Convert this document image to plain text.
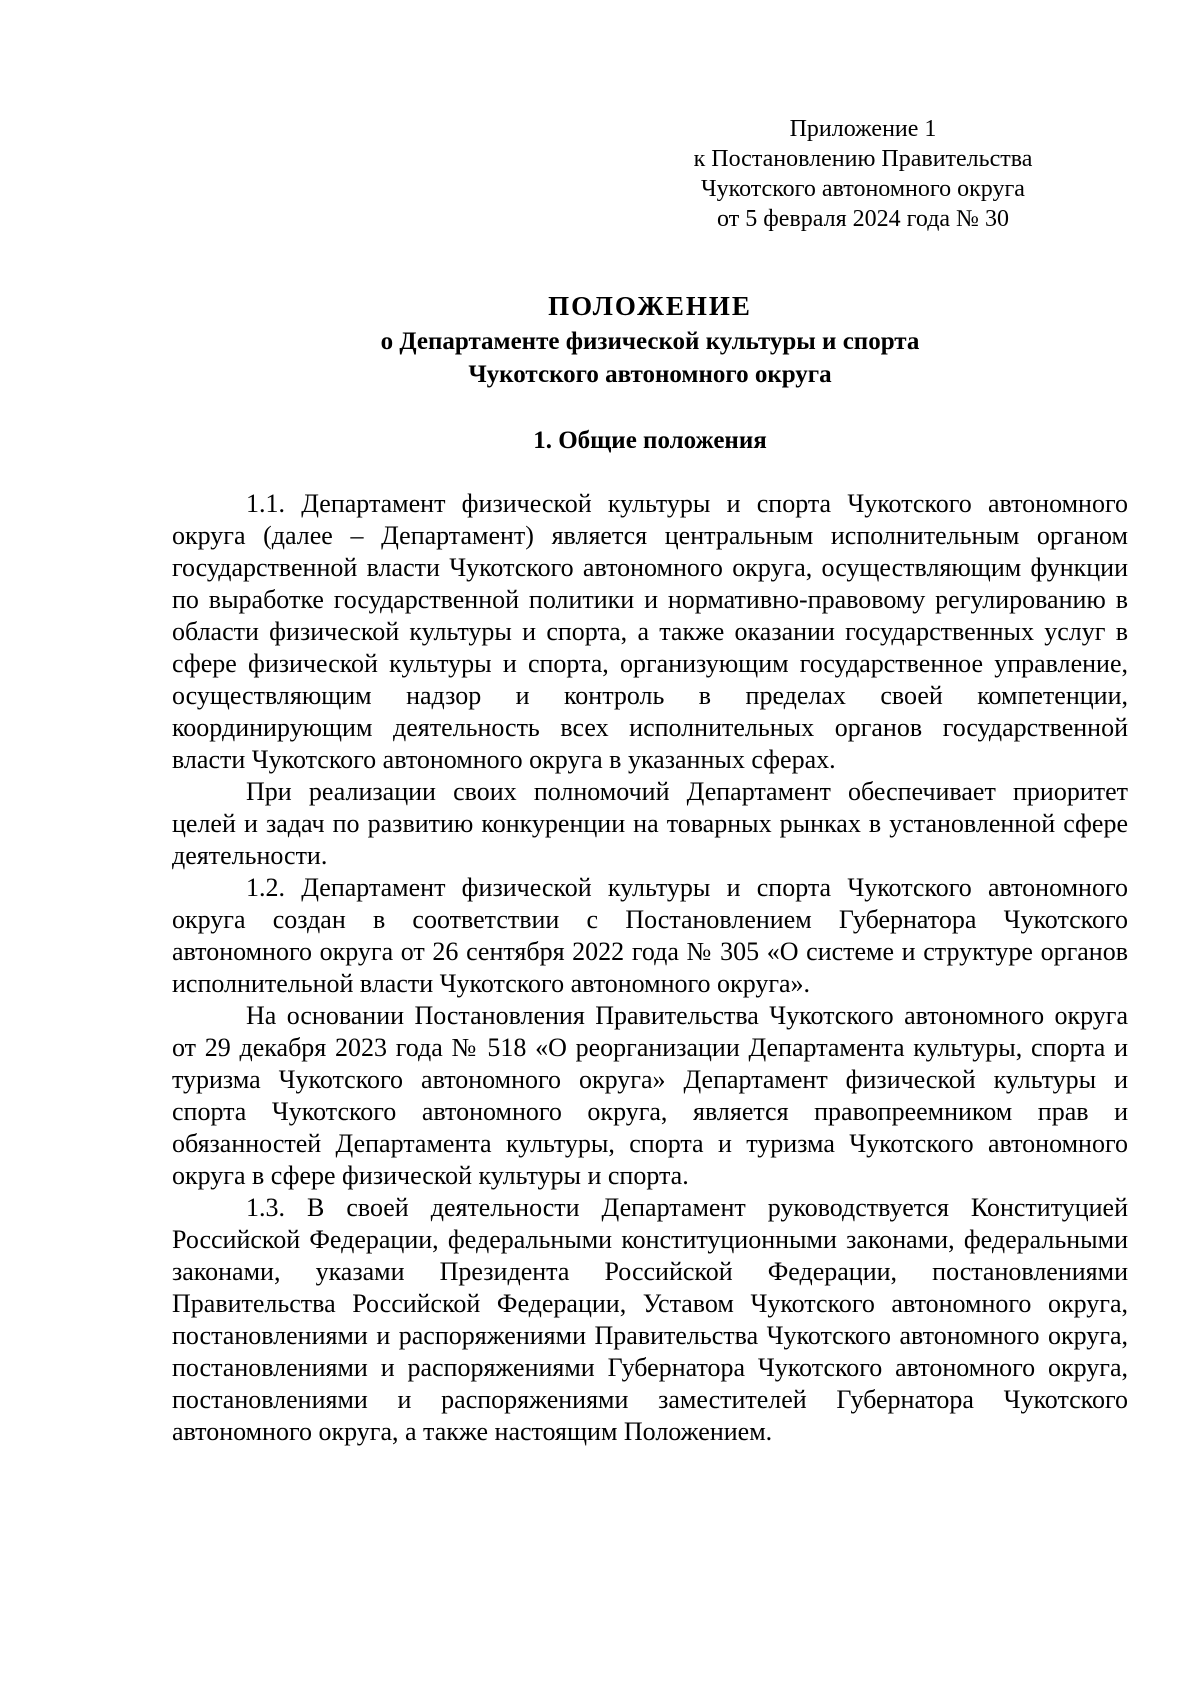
Приложение 1
к Постановлению Правительства
Чукотского автономного округа
от 5 февраля 2024 года № 30
ПОЛОЖЕНИЕ
о Департаменте физической культуры и спорта
Чукотского автономного округа
1. Общие положения

1.1. Департамент физической культуры и спорта Чукотского автономного округа (далее – Департамент) является центральным исполнительным органом государственной власти Чукотского автономного округа, осуществляющим функции по выработке государственной политики и нормативно-правовому регулированию в области физической культуры и спорта, а также оказании государственных услуг в сфере физической культуры и спорта, организующим государственное управление, осуществляющим надзор и контроль в пределах своей компетенции, координирующим деятельность всех исполнительных органов государственной власти Чукотского автономного округа в указанных сферах.

При реализации своих полномочий Департамент обеспечивает приоритет целей и задач по развитию конкуренции на товарных рынках в установленной сфере деятельности.

1.2. Департамент физической культуры и спорта Чукотского автономного округа создан в соответствии с Постановлением Губернатора Чукотского автономного округа от 26 сентября 2022 года № 305 «О системе и структуре органов исполнительной власти Чукотского автономного округа».

На основании Постановления Правительства Чукотского автономного округа от 29 декабря 2023 года № 518 «О реорганизации Департамента культуры, спорта и туризма Чукотского автономного округа» Департамент физической культуры и спорта Чукотского автономного округа, является правопреемником прав и обязанностей Департамента культуры, спорта и туризма Чукотского автономного округа в сфере физической культуры и спорта.

1.3. В своей деятельности Департамент руководствуется Конституцией Российской Федерации, федеральными конституционными законами, федеральными законами, указами Президента Российской Федерации, постановлениями Правительства Российской Федерации, Уставом Чукотского автономного округа, постановлениями и распоряжениями Правительства Чукотского автономного округа, постановлениями и распоряжениями Губернатора Чукотского автономного округа, постановлениями и распоряжениями заместителей Губернатора Чукотского автономного округа, а также настоящим Положением.
